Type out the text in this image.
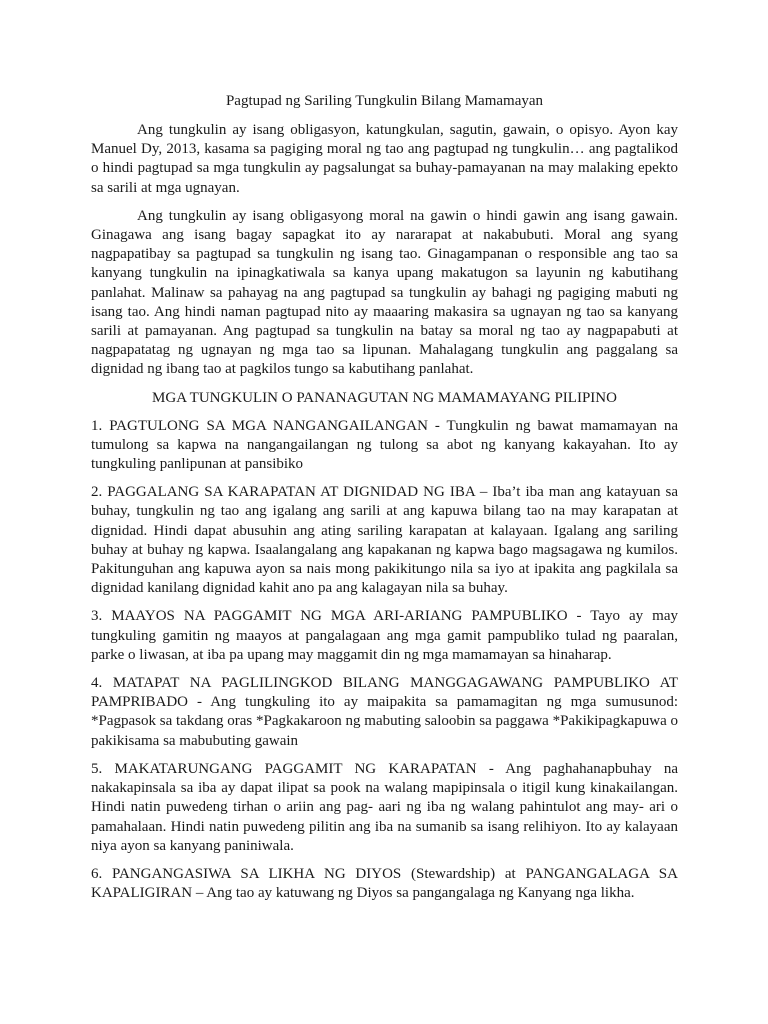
Pagtupad ng Sariling Tungkulin Bilang Mamamayan

Ang tungkulin ay isang obligasyon, katungkulan, sagutin, gawain, o opisyo. Ayon kay Manuel Dy, 2013, kasama sa pagiging moral ng tao ang pagtupad ng tungkulin… ang pagtalikod o hindi pagtupad sa mga tungkulin ay pagsalungat sa buhay-pamayanan na may malaking epekto sa sarili at mga ugnayan.

Ang tungkulin ay isang obligasyong moral na gawin o hindi gawin ang isang gawain. Ginagawa ang isang bagay sapagkat ito ay nararapat at nakabubuti. Moral ang syang nagpapatibay sa pagtupad sa tungkulin ng isang tao. Ginagampanan o responsible ang tao sa kanyang tungkulin na ipinagkatiwala sa kanya upang makatugon sa layunin ng kabutihang panlahat. Malinaw sa pahayag na ang pagtupad sa tungkulin ay bahagi ng pagiging mabuti ng isang tao. Ang hindi naman pagtupad nito ay maaaring makasira sa ugnayan ng tao sa kanyang sarili at pamayanan. Ang pagtupad sa tungkulin na batay sa moral ng tao ay nagpapabuti at nagpapatatag ng ugnayan ng mga tao sa lipunan. Mahalagang tungkulin ang paggalang sa dignidad ng ibang tao at pagkilos tungo sa kabutihang panlahat.

MGA TUNGKULIN O PANANAGUTAN NG MAMAMAYANG PILIPINO

1. PAGTULONG SA MGA NANGANGAILANGAN - Tungkulin ng bawat mamamayan na tumulong sa kapwa na nangangailangan ng tulong sa abot ng kanyang kakayahan. Ito ay tungkuling panlipunan at pansibiko

2. PAGGALANG SA KARAPATAN AT DIGNIDAD NG IBA – Iba’t iba man ang katayuan sa buhay, tungkulin ng tao ang igalang ang sarili at ang kapuwa bilang tao na may karapatan at dignidad. Hindi dapat abusuhin ang ating sariling karapatan at kalayaan. Igalang ang sariling buhay at buhay ng kapwa. Isaalangalang ang kapakanan ng kapwa bago magsagawa ng kumilos. Pakitunguhan ang kapuwa ayon sa nais mong pakikitungo nila sa iyo at ipakita ang pagkilala sa dignidad kanilang dignidad kahit ano pa ang kalagayan nila sa buhay.

3. MAAYOS NA PAGGAMIT NG MGA ARI-ARIANG PAMPUBLIKO - Tayo ay may tungkuling gamitin ng maayos at pangalagaan ang mga gamit pampubliko tulad ng paaralan, parke o liwasan, at iba pa upang may maggamit din ng mga mamamayan sa hinaharap.

4. MATAPAT NA PAGLILINGKOD BILANG MANGGAGAWANG PAMPUBLIKO AT PAMPRIBADO - Ang tungkuling ito ay maipakita sa pamamagitan ng mga sumusunod: *Pagpasok sa takdang oras *Pagkakaroon ng mabuting saloobin sa paggawa *Pakikipagkapuwa o pakikisama sa mabubuting gawain

5. MAKATARUNGANG PAGGAMIT NG KARAPATAN - Ang paghahanapbuhay na nakakapinsala sa iba ay dapat ilipat sa pook na walang mapipinsala o itigil kung kinakailangan. Hindi natin puwedeng tirhan o ariin ang pag- aari ng iba ng walang pahintulot ang may- ari o pamahalaan. Hindi natin puwedeng pilitin ang iba na sumanib sa isang relihiyon. Ito ay kalayaan niya ayon sa kanyang paniniwala.

6. PANGANGASIWA SA LIKHA NG DIYOS (Stewardship) at PANGANGALAGA SA KAPALIGIRAN – Ang tao ay katuwang ng Diyos sa pangangalaga ng Kanyang nga likha.
